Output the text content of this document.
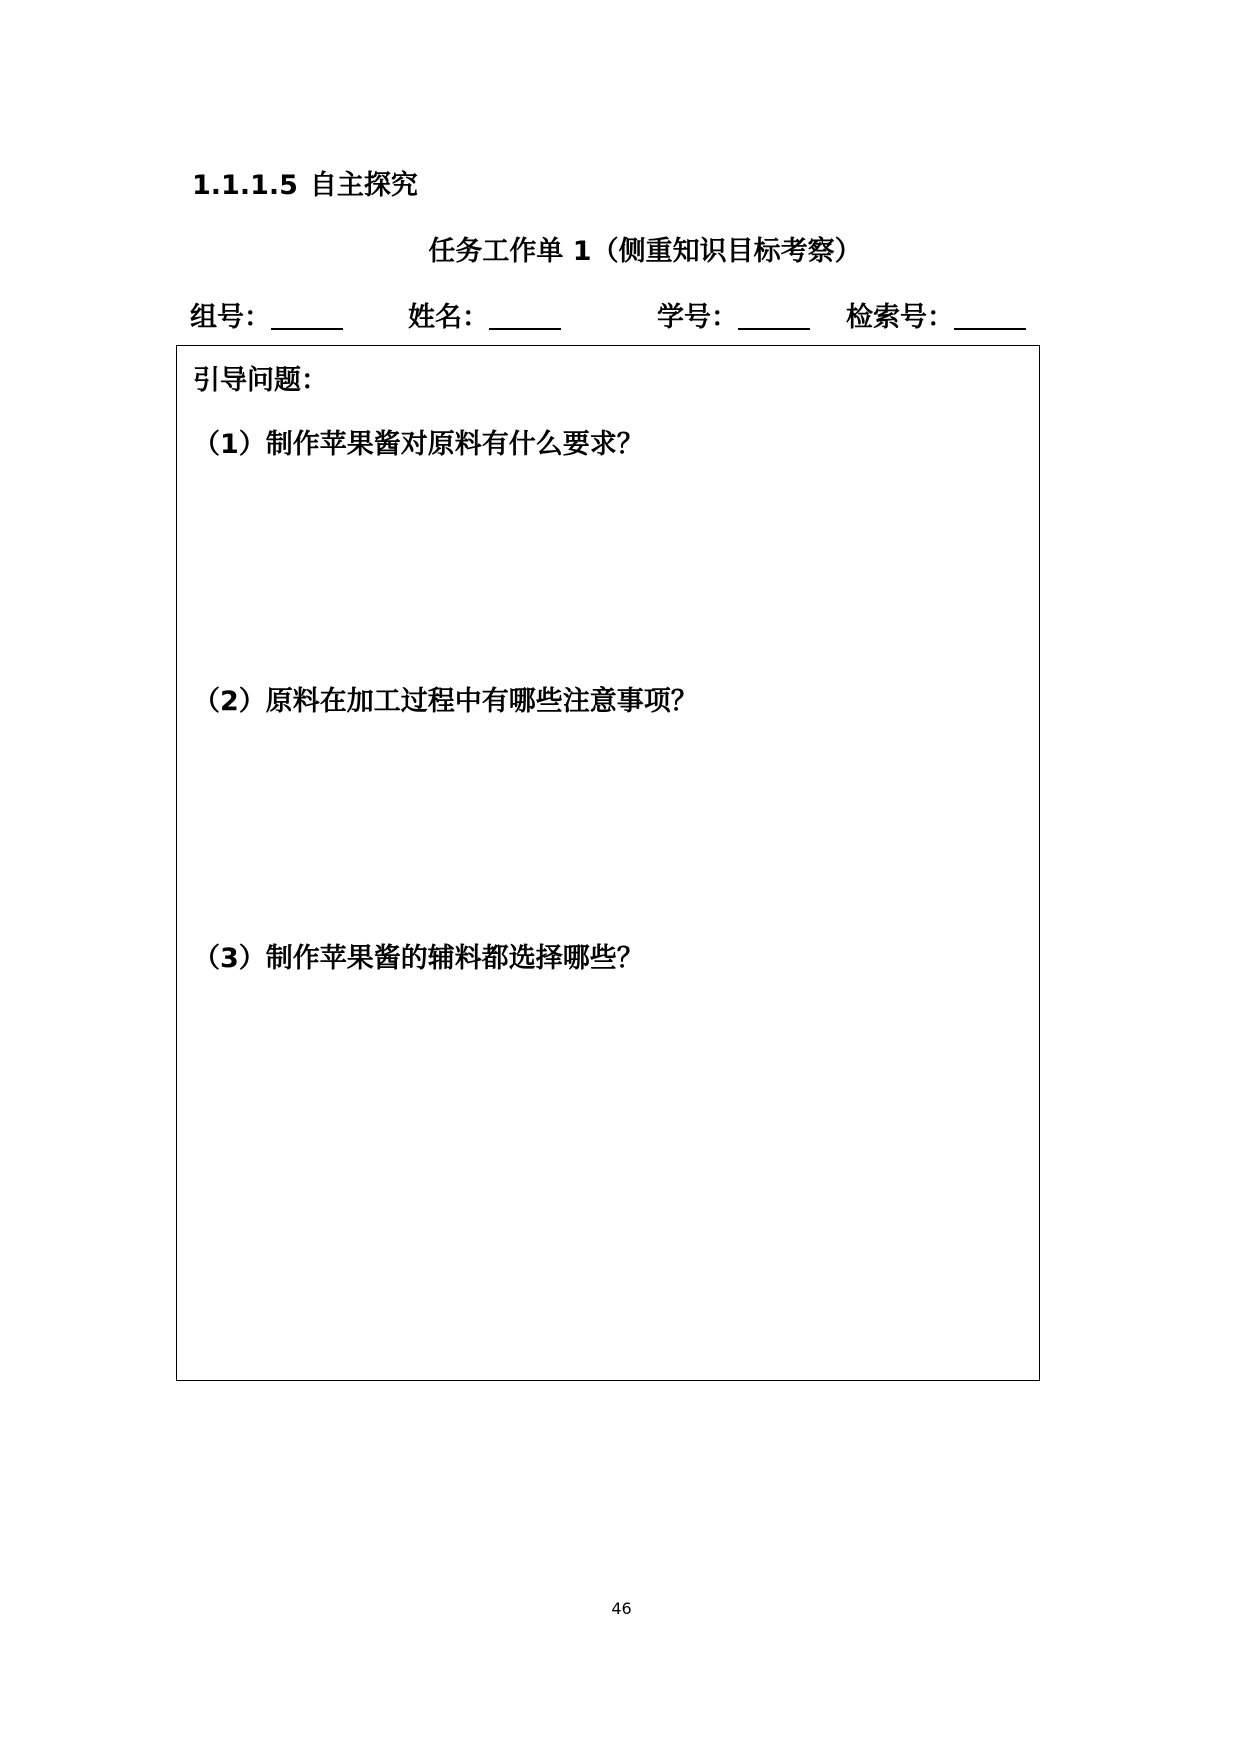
1.1.1.5 自主探究
任务工作单 1（侧重知识目标考察）
组号：	姓名：	学号：	检索号：
引导问题：
（1）制作苹果酱对原料有什么要求？
（2）原料在加工过程中有哪些注意事项？
（3）制作苹果酱的辅料都选择哪些？
46
